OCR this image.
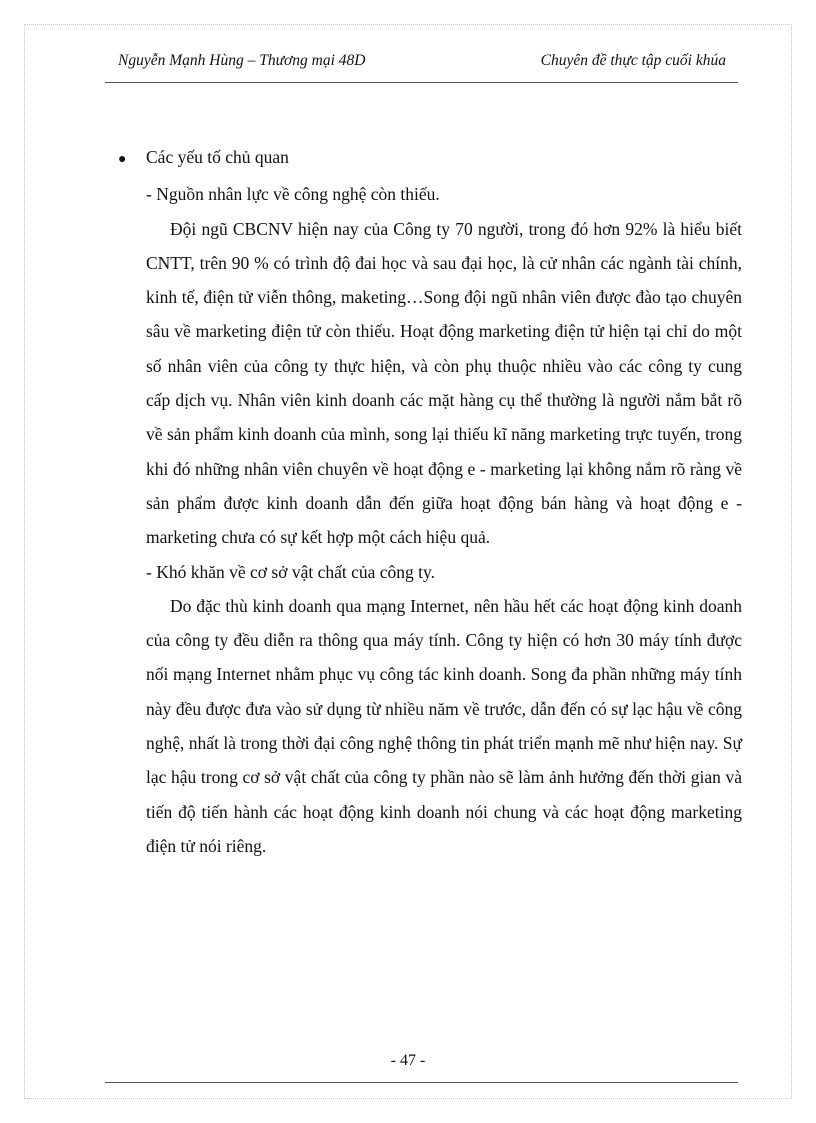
Nguyễn Mạnh Hùng – Thương mại 48D	Chuyên đề thực tập cuối khúa
●	Các yếu tố chủ quan

- Nguồn nhân lực về công nghệ còn thiếu.

Đội ngũ CBCNV hiện nay của Công ty 70 người, trong đó hơn 92% là hiểu biết CNTT, trên 90 % có trình độ đai học và sau đại học, là cử nhân các ngành tài chính, kinh tế, điện tử viễn thông, maketing…Song đội ngũ nhân viên được đào tạo chuyên sâu về marketing điện tử còn thiếu. Hoạt động marketing điện tử hiện tại chỉ do một số nhân viên của công ty thực hiện, và còn phụ thuộc nhiều vào các công ty cung cấp dịch vụ. Nhân viên kinh doanh các mặt hàng cụ thể thường là người nắm bắt rõ về sản phẩm kinh doanh của mình, song lại thiếu kĩ năng marketing trực tuyến, trong khi đó những nhân viên chuyên về hoạt động e - marketing lại không nắm rõ ràng về sản phẩm được kinh doanh dẫn đến giữa hoạt động bán hàng và hoạt động e - marketing chưa có sự kết hợp một cách hiệu quả.

- Khó khăn về cơ sở vật chất của công ty.

Do đặc thù kinh doanh qua mạng Internet, nên hầu hết các hoạt động kinh doanh của công ty đều diễn ra thông qua máy tính. Công ty hiện có hơn 30 máy tính được nối mạng Internet nhằm phục vụ công tác kinh doanh. Song đa phần những máy tính này đều được đưa vào sử dụng từ nhiều năm về trước, dẫn đến có sự lạc hậu về công nghệ, nhất là trong thời đại công nghệ thông tin phát triển mạnh mẽ như hiện nay. Sự lạc hậu trong cơ sở vật chất của công ty phần nào sẽ làm ảnh hưởng đến thời gian và tiến độ tiến hành các hoạt động kinh doanh nói chung và các hoạt động marketing điện tử nói riêng.

- 47 -
